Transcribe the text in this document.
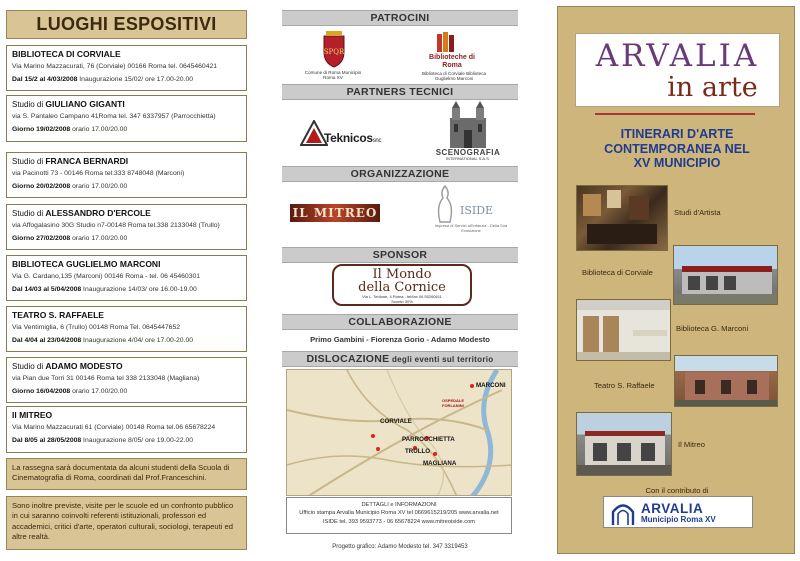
LUOGHI ESPOSITIVI
BIBLIOTECA DI CORVIALE
Via Marino Mazzacurati, 76 (Corviale) 00166 Roma tel. 0645460421
Dal 15/2 al 4/03/2008 Inaugurazione 15/02/ ore 17.00-20.00
Studio di GIULIANO GIGANTI
via S. Pantaleo Campano 41Roma tel. 347 6337957 (Parrocchietta)
Giorno 19/02/2008 orario 17.00/20.00
Studio di FRANCA BERNARDI
via Pacinotti 73 - 00146 Roma tel.333 8748048 (Marconi)
Giorno 20/02/2008 orario 17.00/20.00
Studio di ALESSANDRO D'ERCOLE
via Affogalasino 30G Studio n7-00148 Roma tel.338 2133048 (Trullo)
Giorno 27/02/2008 orario 17.00/20.00
BIBLIOTECA GUGLIELMO MARCONI
Via G. Cardano,135 (Marconi) 00146 Roma - tel. 06 45460301
Dal 14/03 al 5/04/2008 Inaugurazione 14/03/ ore 16.00-19.00
TEATRO S. RAFFAELE
Via Ventimiglia, 6 (Trullo) 00148 Roma Tel. 0645447652
Dal 4/04 al 23/04/2008 Inaugurazione 4/04/ ore 17.00-20.00
Studio di ADAMO MODESTO
via Pian due Torri 31 00146 Roma tel 338 2133048 (Magliana)
Giorno 16/04/2008 orario 17.00/20.00
Il MITREO
Via Marino Mazzacurati 61 (Corviale) 00148 Roma tel.06 65678224
Dal 8/05 al 28/05/2008 Inaugurazione 8/05/ ore 19.00-22.00
La rassegna sarà documentata da alcuni studenti della Scuola di Cinematografia di Roma, coordinati dal Prof.Franceschini.
Sono inoltre previste, visite per le scuole ed un confronto pubblico in cui saranno coinvolti referenti istituzionali, professori ed accademici, critici d'arte, operatori culturali, sociologi, terapeuti ed altre realtà.
PATROCINI
SPQR
Comune di Roma Municipio Roma XV
Biblioteche di Roma
Biblioteca di Corviale Biblioteca Guglielmo Marconi
PARTNERS TECNICI
Teknicossnc
SCENOGRAFIA
INTERNATIONAL S.A.S.
ORGANIZZAZIONE
IL MITREO	ISIDE
Impresa di Servizi all'Infanzia - Della Sua Evoluzione
SPONSOR
Il Mondo
della Cornice
Via L. Terlione, 4 Roma - tel/fax 06 55260611
Sconto 30%
COLLABORAZIONE
Primo Gambini - Fiorenza Gorio - Adamo Modesto
DISLOCAZIONE degli eventi sul territorio
MARCONI
OSPEDALE FORLANINI
CORVIALE
PARROCCHIETTA
TRULLO
MAGLIANA
DETTAGLI e INFORMAZIONI
Ufficio stampa Arvalia Municipio Roma XV tel 0669615219/205 www.arvalia.net
ISIDE tel. 393 9593773 - 06 65678224 www.mitreoiside.com
Progetto grafico: Adamo Modesto tel. 347 3319453
ARVALIA
in arte
ITINERARI D'ARTE
CONTEMPORANEA NEL
XV MUNICIPIO
Studi d'Artista
Biblioteca di Corviale
Biblioteca G. Marconi
Teatro S. Raffaele
Il Mitreo
Con il contributo di
ARVALIA
Municipio Roma XV
